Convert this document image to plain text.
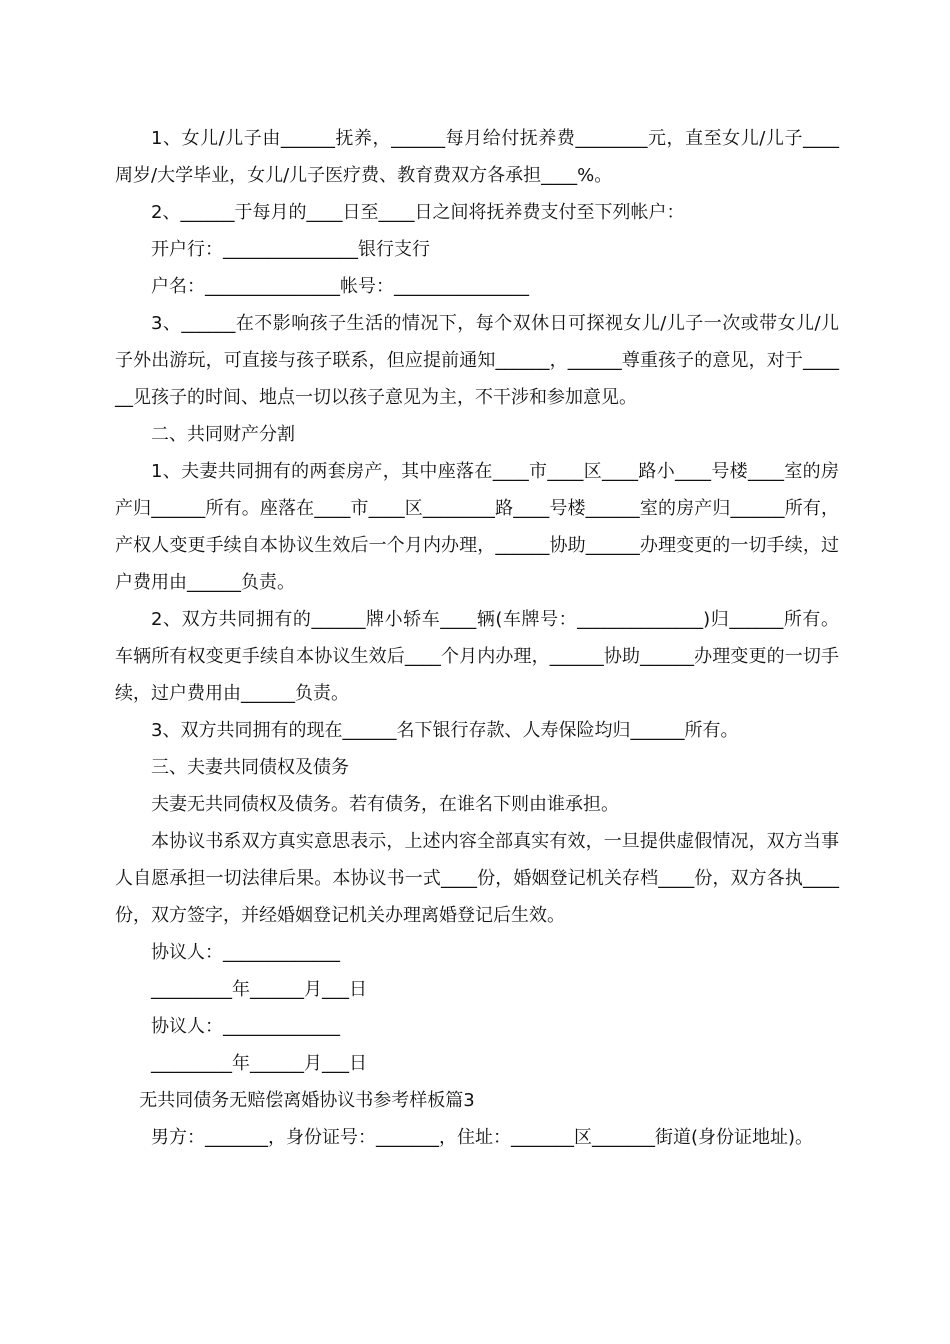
1、女儿/儿子由______抚养，______每月给付抚养费________元，直至女儿/儿子____周岁/大学毕业，女儿/儿子医疗费、教育费双方各承担____%。

2、______于每月的____日至____日之间将抚养费支付至下列帐户：

开户行：_______________银行支行

户名：_______________帐号：_______________

3、______在不影响孩子生活的情况下，每个双休日可探视女儿/儿子一次或带女儿/儿子外出游玩，可直接与孩子联系，但应提前通知______，______尊重孩子的意见，对于______见孩子的时间、地点一切以孩子意见为主，不干涉和参加意见。

二、共同财产分割

1、夫妻共同拥有的两套房产，其中座落在____市____区____路小____号楼____室的房产归______所有。座落在____市____区________路____号楼______室的房产归______所有，产权人变更手续自本协议生效后一个月内办理，______协助______办理变更的一切手续，过户费用由______负责。

2、双方共同拥有的______牌小轿车____辆(车牌号：______________)归______所有。车辆所有权变更手续自本协议生效后____个月内办理，______协助______办理变更的一切手续，过户费用由______负责。

3、双方共同拥有的现在______名下银行存款、人寿保险均归______所有。

三、夫妻共同债权及债务

夫妻无共同债权及债务。若有债务，在谁名下则由谁承担。

本协议书系双方真实意思表示，上述内容全部真实有效，一旦提供虚假情况，双方当事人自愿承担一切法律后果。本协议书一式____份，婚姻登记机关存档____份，双方各执____份，双方签字，并经婚姻登记机关办理离婚登记后生效。

协议人：_____________

_________年______月___日

协议人：_____________

_________年______月___日

无共同债务无赔偿离婚协议书参考样板篇3

男方：_______，身份证号：_______，住址：_______区_______街道(身份证地址)。
